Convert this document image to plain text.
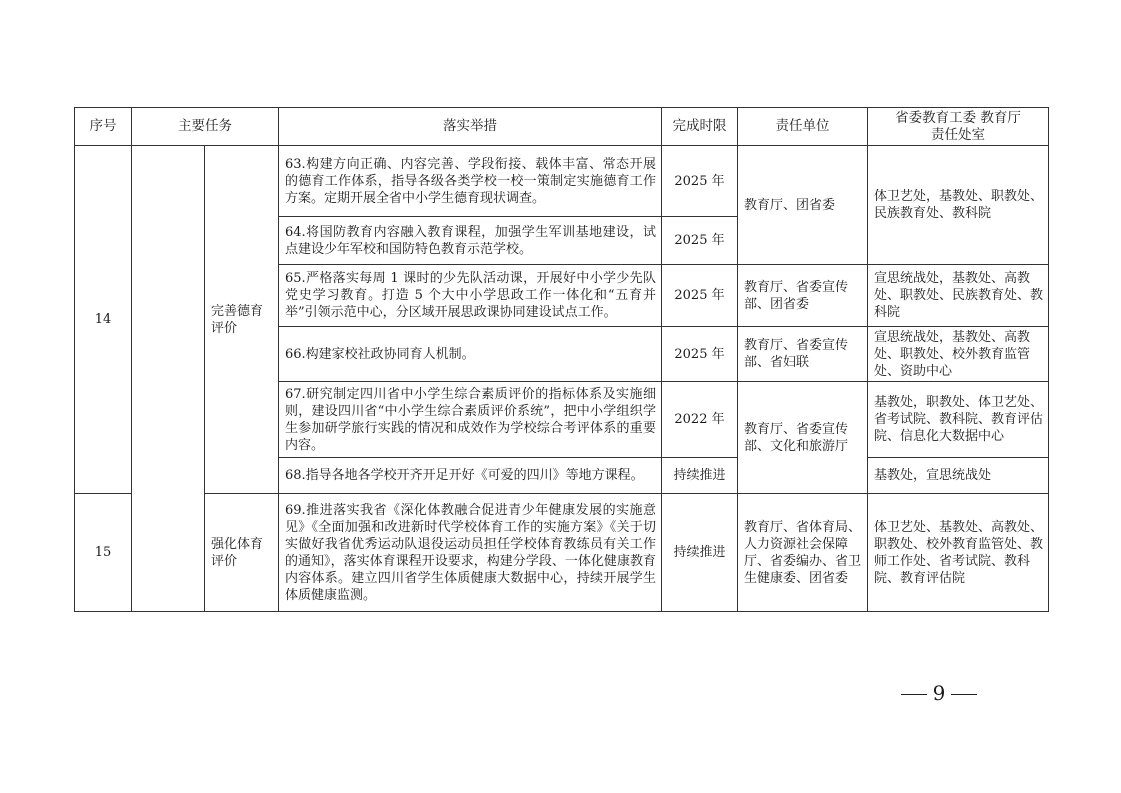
序号	主要任务		落实举措	完成时限	责任单位	省委教育工委 教育厅
责任处室

14		完善德育评价	63.构建方向正确、内容完善、学段衔接、载体丰富、常态开展的德育工作体系，指导各级各类学校一校一策制定实施德育工作方案。定期开展全省中小学生德育现状调查。	2025 年	教育厅、团省委	体卫艺处，基教处、职教处、民族教育处、教科院
			64.将国防教育内容融入教育课程，加强学生军训基地建设，试点建设少年军校和国防特色教育示范学校。	2025 年		
			65.严格落实每周 1 课时的少先队活动课，开展好中小学少先队党史学习教育。打造 5 个大中小学思政工作一体化和“五育并举”引领示范中心，分区域开展思政课协同建设试点工作。	2025 年	教育厅、省委宣传部、团省委	宣思统战处，基教处、高教处、职教处、民族教育处、教科院
			66.构建家校社政协同育人机制。	2025 年	教育厅、省委宣传部、省妇联	宣思统战处，基教处、高教处、职教处、校外教育监管处、资助中心
			67.研究制定四川省中小学生综合素质评价的指标体系及实施细则，建设四川省“中小学生综合素质评价系统”，把中小学组织学生参加研学旅行实践的情况和成效作为学校综合考评体系的重要内容。	2022 年	教育厅、省委宣传部、文化和旅游厅	基教处，职教处、体卫艺处、省考试院、教科院、教育评估院、信息化大数据中心
			68.指导各地各学校开齐开足开好《可爱的四川》等地方课程。	持续推进		基教处，宣思统战处
15		强化体育评价	69.推进落实我省《深化体教融合促进青少年健康发展的实施意见》《全面加强和改进新时代学校体育工作的实施方案》《关于切实做好我省优秀运动队退役运动员担任学校体育教练员有关工作的通知》，落实体育课程开设要求，构建分学段、一体化健康教育内容体系。建立四川省学生体质健康大数据中心，持续开展学生体质健康监测。	持续推进	教育厅、省体育局、人力资源社会保障厅、省委编办、省卫生健康委、团省委	体卫艺处、基教处、高教处、职教处、校外教育监管处、教师工作处、省考试院、教科院、教育评估院
9
